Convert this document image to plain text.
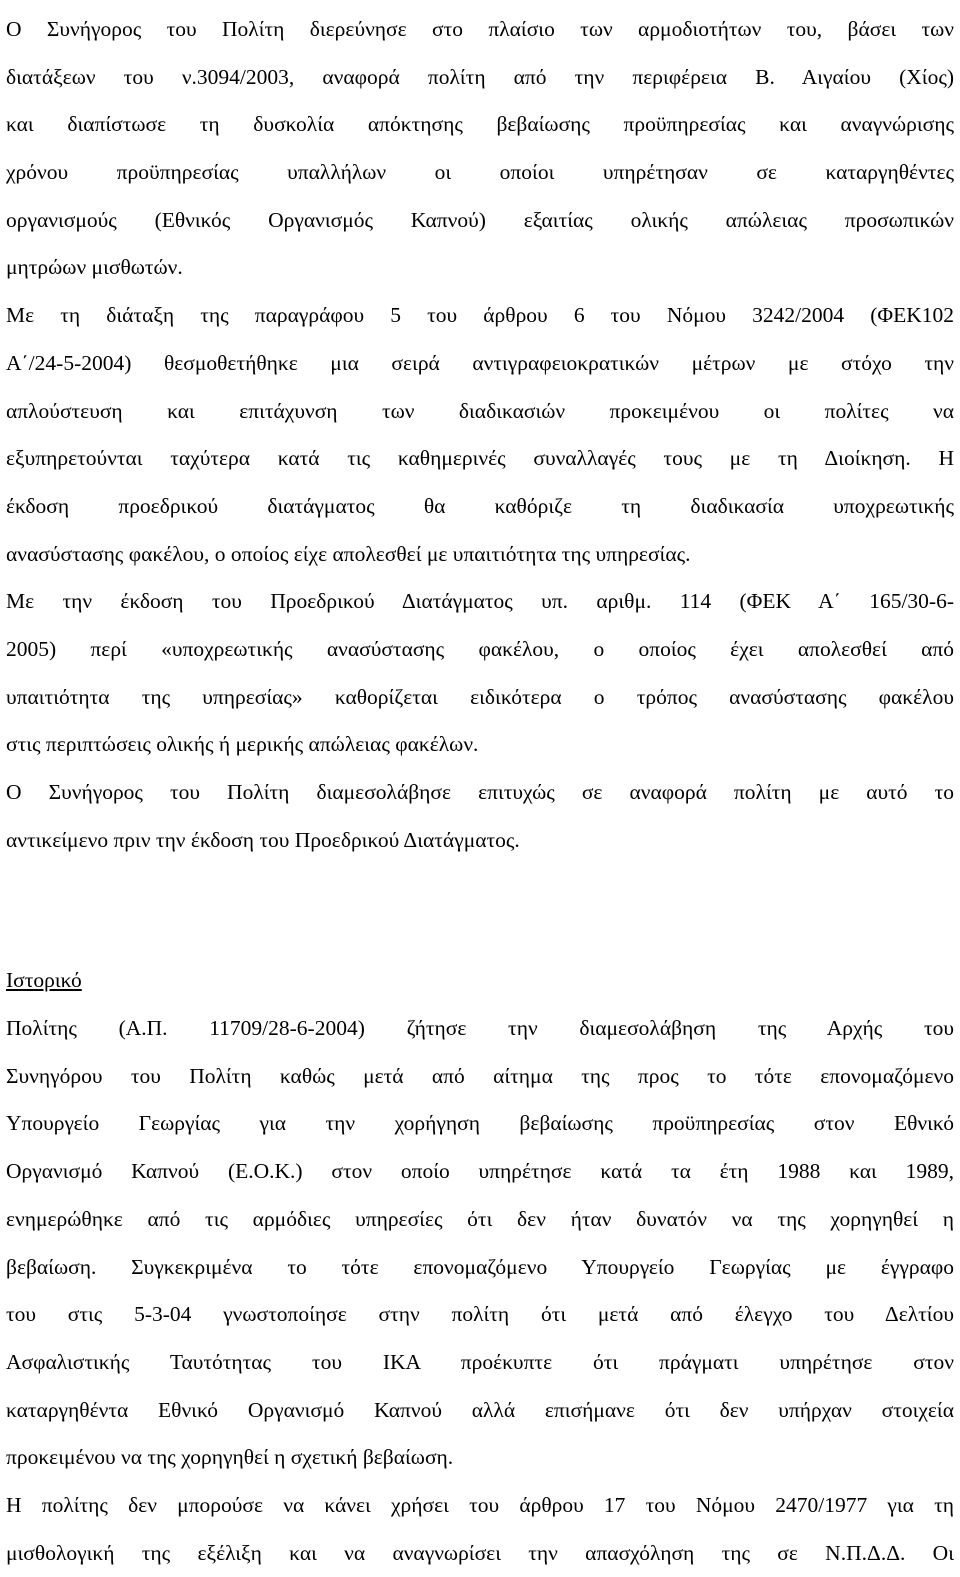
Ο Συνήγορος του Πολίτη διερεύνησε στο πλαίσιο των αρμοδιοτήτων του, βάσει των
διατάξεων του ν.3094/2003, αναφορά πολίτη από την περιφέρεια Β. Αιγαίου (Χίος)
και διαπίστωσε τη δυσκολία απόκτησης βεβαίωσης προϋπηρεσίας και αναγνώρισης
χρόνου προϋπηρεσίας υπαλλήλων οι οποίοι υπηρέτησαν σε καταργηθέντες
οργανισμούς (Εθνικός Οργανισμός Καπνού) εξαιτίας ολικής απώλειας προσωπικών
μητρώων μισθωτών.

Με τη διάταξη της παραγράφου 5 του άρθρου 6 του Νόμου 3242/2004 (ΦΕΚ102
Α΄/24-5-2004) θεσμοθετήθηκε μια σειρά αντιγραφειοκρατικών μέτρων με στόχο την
απλούστευση και επιτάχυνση των διαδικασιών προκειμένου οι πολίτες να
εξυπηρετούνται ταχύτερα κατά τις καθημερινές συναλλαγές τους με τη Διοίκηση. Η
έκδοση προεδρικού διατάγματος θα καθόριζε τη διαδικασία υποχρεωτικής
ανασύστασης φακέλου, ο οποίος είχε απολεσθεί με υπαιτιότητα της υπηρεσίας.

Με την έκδοση του Προεδρικού Διατάγματος υπ. αριθμ. 114 (ΦΕΚ Α΄ 165/30-6-
2005) περί «υποχρεωτικής ανασύστασης φακέλου, ο οποίος έχει απολεσθεί από
υπαιτιότητα της υπηρεσίας» καθορίζεται ειδικότερα ο τρόπος ανασύστασης φακέλου
στις περιπτώσεις ολικής ή μερικής απώλειας φακέλων.

Ο Συνήγορος του Πολίτη διαμεσολάβησε επιτυχώς σε αναφορά πολίτη με αυτό το
αντικείμενο πριν την έκδοση του Προεδρικού Διατάγματος.

Ιστορικό

Πολίτης (Α.Π. 11709/28-6-2004) ζήτησε την διαμεσολάβηση της Αρχής του
Συνηγόρου του Πολίτη καθώς μετά από αίτημα της προς το τότε επονομαζόμενο
Υπουργείο Γεωργίας για την χορήγηση βεβαίωσης προϋπηρεσίας στον Εθνικό
Οργανισμό Καπνού (Ε.Ο.Κ.) στον οποίο υπηρέτησε κατά τα έτη 1988 και 1989,
ενημερώθηκε από τις αρμόδιες υπηρεσίες ότι δεν ήταν δυνατόν να της χορηγηθεί η
βεβαίωση. Συγκεκριμένα το τότε επονομαζόμενο Υπουργείο Γεωργίας με έγγραφο
του στις 5-3-04 γνωστοποίησε στην πολίτη ότι μετά από έλεγχο του Δελτίου
Ασφαλιστικής Ταυτότητας του ΙΚΑ προέκυπτε ότι πράγματι υπηρέτησε στον
καταργηθέντα Εθνικό Οργανισμό Καπνού αλλά επισήμανε ότι δεν υπήρχαν στοιχεία
προκειμένου να της χορηγηθεί η σχετική βεβαίωση.

Η πολίτης δεν μπορούσε να κάνει χρήσει του άρθρου 17 του Νόμου 2470/1977 για τη
μισθολογική της εξέλιξη και να αναγνωρίσει την απασχόληση της σε Ν.Π.Δ.Δ. Οι
